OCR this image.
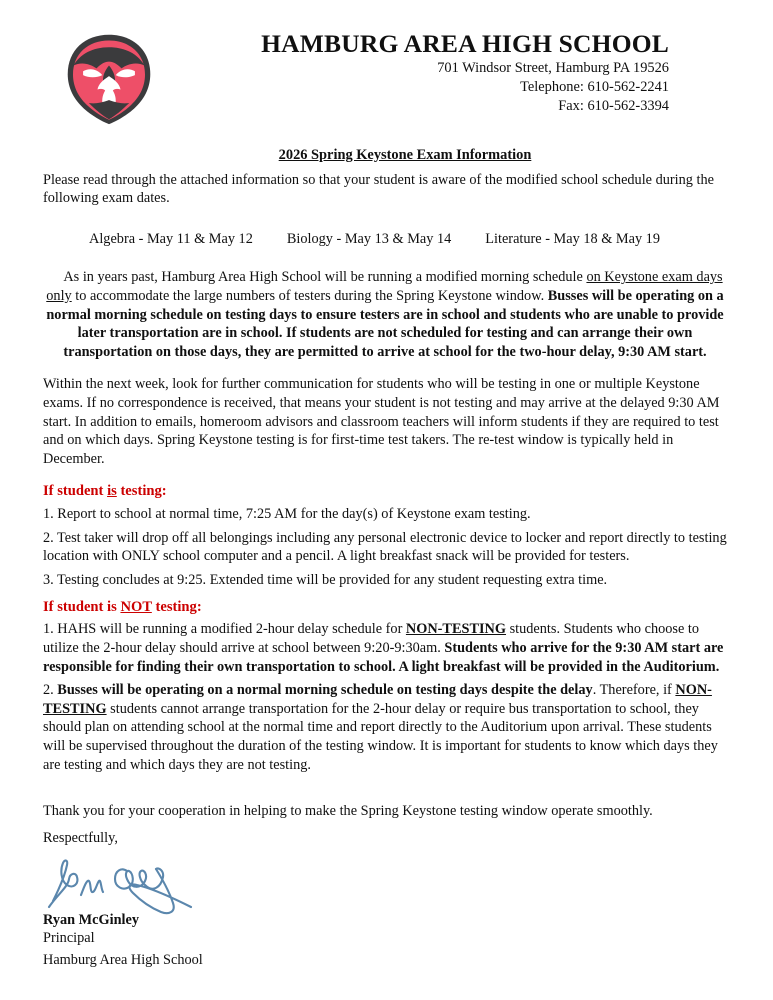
HAMBURG AREA HIGH SCHOOL
701 Windsor Street, Hamburg PA 19526
Telephone: 610-562-2241
Fax: 610-562-3394
2026 Spring Keystone Exam Information

Please read through the attached information so that your student is aware of the modified school schedule during the following exam dates.

Algebra - May 11 & May 12 Biology - May 13 & May 14 Literature - May 18 & May 19

As in years past, Hamburg Area High School will be running a modified morning schedule on Keystone exam days only to accommodate the large numbers of testers during the Spring Keystone window. Busses will be operating on a normal morning schedule on testing days to ensure testers are in school and students who are unable to provide later transportation are in school. If students are not scheduled for testing and can arrange their own transportation on those days, they are permitted to arrive at school for the two-hour delay, 9:30 AM start.

Within the next week, look for further communication for students who will be testing in one or multiple Keystone exams. If no correspondence is received, that means your student is not testing and may arrive at the delayed 9:30 AM start. In addition to emails, homeroom advisors and classroom teachers will inform students if they are required to test and on which days. Spring Keystone testing is for first-time test takers. The re-test window is typically held in December.

If student is testing:

1. Report to school at normal time, 7:25 AM for the day(s) of Keystone exam testing.

2. Test taker will drop off all belongings including any personal electronic device to locker and report directly to testing location with ONLY school computer and a pencil. A light breakfast snack will be provided for testers.

3. Testing concludes at 9:25. Extended time will be provided for any student requesting extra time.

If student is NOT testing:

1. HAHS will be running a modified 2-hour delay schedule for NON-TESTING students. Students who choose to utilize the 2-hour delay should arrive at school between 9:20-9:30am. Students who arrive for the 9:30 AM start are responsible for finding their own transportation to school. A light breakfast will be provided in the Auditorium.

2. Busses will be operating on a normal morning schedule on testing days despite the delay. Therefore, if NON-TESTING students cannot arrange transportation for the 2-hour delay or require bus transportation to school, they should plan on attending school at the normal time and report directly to the Auditorium upon arrival. These students will be supervised throughout the duration of the testing window. It is important for students to know which days they are testing and which days they are not testing.

Thank you for your cooperation in helping to make the Spring Keystone testing window operate smoothly.

Respectfully,

Ryan McGinley
Principal
Hamburg Area High School
